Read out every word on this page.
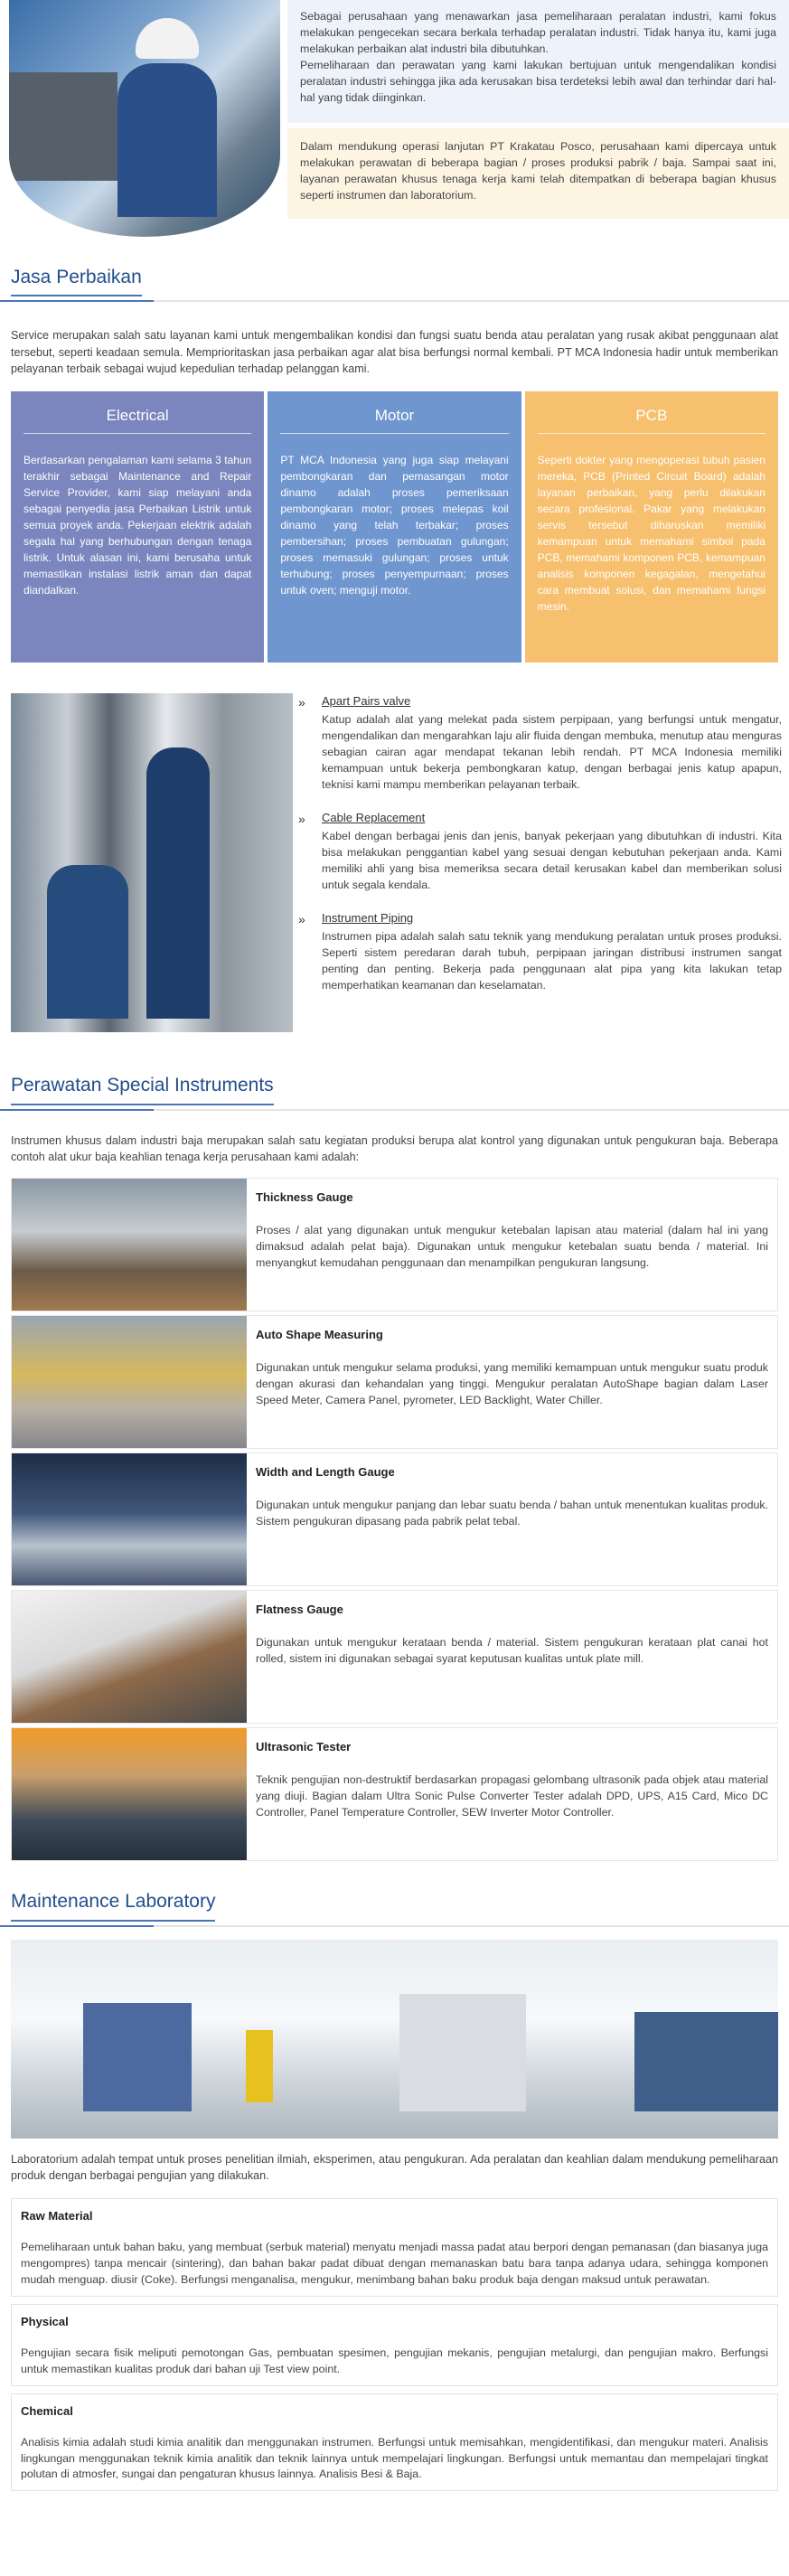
Sebagai perusahaan yang menawarkan jasa pemeliharaan peralatan industri, kami fokus melakukan pengecekan secara berkala terhadap peralatan industri. Tidak hanya itu, kami juga melakukan perbaikan alat industri bila dibutuhkan.

Pemeliharaan dan perawatan yang kami lakukan bertujuan untuk mengendalikan kondisi peralatan industri sehingga jika ada kerusakan bisa terdeteksi lebih awal dan terhindar dari hal-hal yang tidak diinginkan.

Dalam mendukung operasi lanjutan PT Krakatau Posco, perusahaan kami dipercaya untuk melakukan perawatan di beberapa bagian / proses produksi pabrik / baja. Sampai saat ini, layanan perawatan khusus tenaga kerja kami telah ditempatkan di beberapa bagian khusus seperti instrumen dan laboratorium.

Jasa Perbaikan

Service merupakan salah satu layanan kami untuk mengembalikan kondisi dan fungsi suatu benda atau peralatan yang rusak akibat penggunaan alat tersebut, seperti keadaan semula. Memprioritaskan jasa perbaikan agar alat bisa berfungsi normal kembali. PT MCA Indonesia hadir untuk memberikan pelayanan terbaik sebagai wujud kepedulian terhadap pelanggan kami.

Electrical

Berdasarkan pengalaman kami selama 3 tahun terakhir sebagai Maintenance and Repair Service Provider, kami siap melayani anda sebagai penyedia jasa Perbaikan Listrik untuk semua proyek anda. Pekerjaan elektrik adalah segala hal yang berhubungan dengan tenaga listrik. Untuk alasan ini, kami berusaha untuk memastikan instalasi listrik aman dan dapat diandalkan.

Motor

PT MCA Indonesia yang juga siap melayani pembongkaran dan pemasangan motor dinamo adalah proses pemeriksaan pembongkaran motor; proses melepas koil dinamo yang telah terbakar; proses pembersihan; proses pembuatan gulungan; proses memasuki gulungan; proses untuk terhubung; proses penyempurnaan; proses untuk oven; menguji motor.

PCB

Seperti dokter yang mengoperasi tubuh pasien mereka, PCB (Printed Circuit Board) adalah layanan perbaikan, yang perlu dilakukan secara profesional. Pakar yang melakukan servis tersebut diharuskan memiliki kemampuan untuk memahami simbol pada PCB, memahami komponen PCB, kemampuan analisis komponen kegagalan, mengetahui cara membuat solusi, dan memahami fungsi mesin.

»	Apart Pairs valve
Katup adalah alat yang melekat pada sistem perpipaan, yang berfungsi untuk mengatur, mengendalikan dan mengarahkan laju alir fluida dengan membuka, menutup atau menguras sebagian cairan agar mendapat tekanan lebih rendah. PT MCA Indonesia memiliki kemampuan untuk bekerja pembongkaran katup, dengan berbagai jenis katup apapun, teknisi kami mampu memberikan pelayanan terbaik.
»	Cable Replacement
Kabel dengan berbagai jenis dan jenis, banyak pekerjaan yang dibutuhkan di industri. Kita bisa melakukan penggantian kabel yang sesuai dengan kebutuhan pekerjaan anda. Kami memiliki ahli yang bisa memeriksa secara detail kerusakan kabel dan memberikan solusi untuk segala kendala.
»	Instrument Piping
Instrumen pipa adalah salah satu teknik yang mendukung peralatan untuk proses produksi. Seperti sistem peredaran darah tubuh, perpipaan jaringan distribusi instrumen sangat penting dan penting. Bekerja pada penggunaan alat pipa yang kita lakukan tetap memperhatikan keamanan dan keselamatan.
Perawatan Special Instruments

Instrumen khusus dalam industri baja merupakan salah satu kegiatan produksi berupa alat kontrol yang digunakan untuk pengukuran baja. Beberapa contoh alat ukur baja keahlian tenaga kerja perusahaan kami adalah:

Thickness Gauge
Proses / alat yang digunakan untuk mengukur ketebalan lapisan atau material (dalam hal ini yang dimaksud adalah pelat baja). Digunakan untuk mengukur ketebalan suatu benda / material. Ini menyangkut kemudahan penggunaan dan menampilkan pengukuran langsung.
Auto Shape Measuring
Digunakan untuk mengukur selama produksi, yang memiliki kemampuan untuk mengukur suatu produk dengan akurasi dan kehandalan yang tinggi. Mengukur peralatan AutoShape bagian dalam Laser Speed Meter, Camera Panel, pyrometer, LED Backlight, Water Chiller.
Width and Length Gauge
Digunakan untuk mengukur panjang dan lebar suatu benda / bahan untuk menentukan kualitas produk. Sistem pengukuran dipasang pada pabrik pelat tebal.
Flatness Gauge
Digunakan untuk mengukur kerataan benda / material. Sistem pengukuran kerataan plat canai hot rolled, sistem ini digunakan sebagai syarat keputusan kualitas untuk plate mill.
Ultrasonic Tester
Teknik pengujian non-destruktif berdasarkan propagasi gelombang ultrasonik pada objek atau material yang diuji. Bagian dalam Ultra Sonic Pulse Converter Tester adalah DPD, UPS, A15 Card, Mico DC Controller, Panel Temperature Controller, SEW Inverter Motor Controller.
Maintenance Laboratory

Laboratorium adalah tempat untuk proses penelitian ilmiah, eksperimen, atau pengukuran. Ada peralatan dan keahlian dalam mendukung pemeliharaan produk dengan berbagai pengujian yang dilakukan.

Raw Material
Pemeliharaan untuk bahan baku, yang membuat (serbuk material) menyatu menjadi massa padat atau berpori dengan pemanasan (dan biasanya juga mengompres) tanpa mencair (sintering), dan bahan bakar padat dibuat dengan memanaskan batu bara tanpa adanya udara, sehingga komponen mudah menguap. diusir (Coke). Berfungsi menganalisa, mengukur, menimbang bahan baku produk baja dengan maksud untuk perawatan.
Physical
Pengujian secara fisik meliputi pemotongan Gas, pembuatan spesimen, pengujian mekanis, pengujian metalurgi, dan pengujian makro. Berfungsi untuk memastikan kualitas produk dari bahan uji Test view point.
Chemical
Analisis kimia adalah studi kimia analitik dan menggunakan instrumen. Berfungsi untuk memisahkan, mengidentifikasi, dan mengukur materi. Analisis lingkungan menggunakan teknik kimia analitik dan teknik lainnya untuk mempelajari lingkungan. Berfungsi untuk memantau dan mempelajari tingkat polutan di atmosfer, sungai dan pengaturan khusus lainnya. Analisis Besi & Baja.
